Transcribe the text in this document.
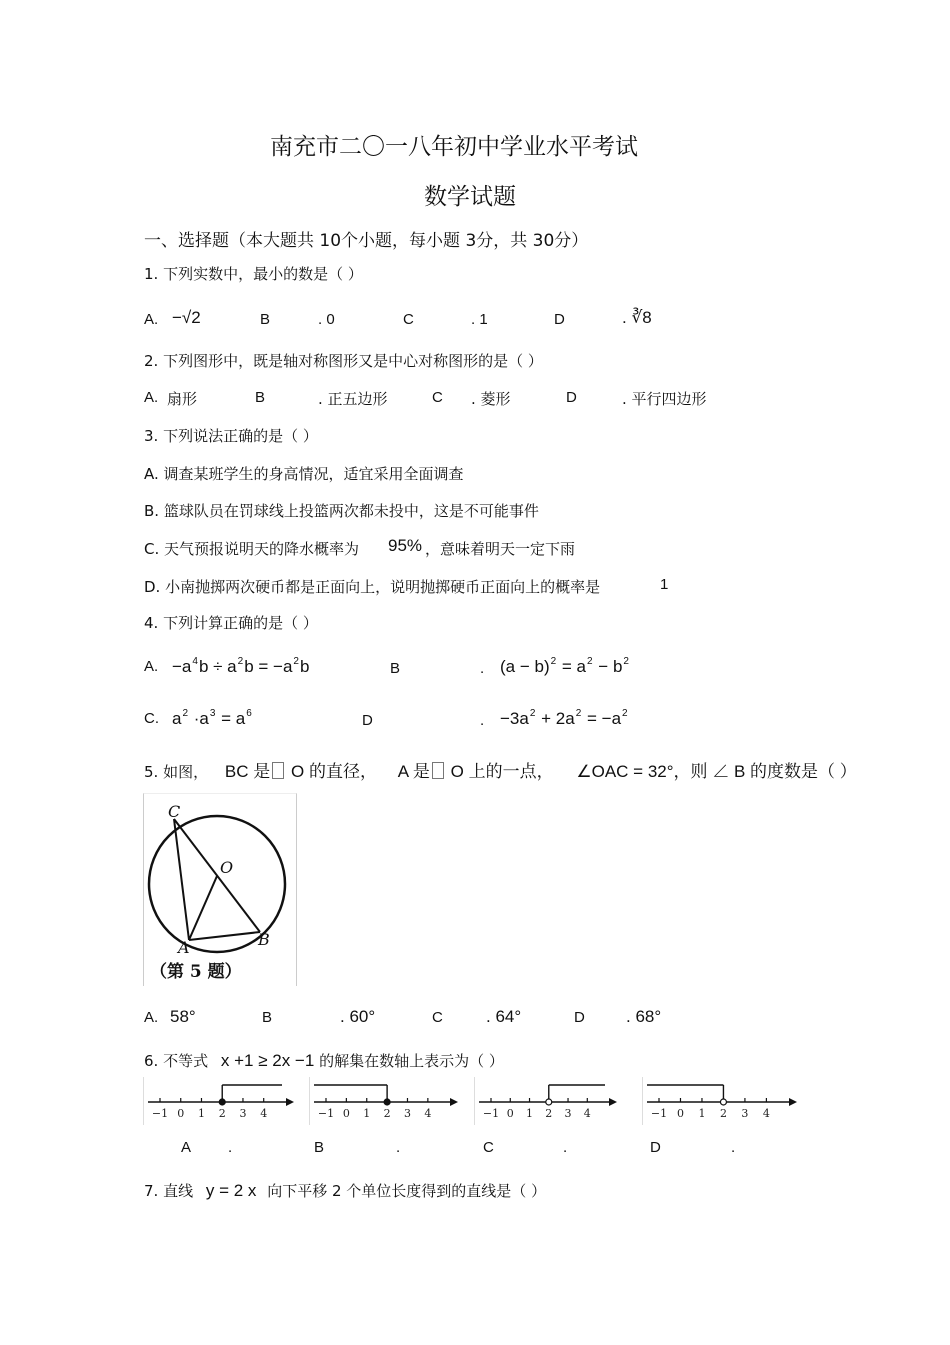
南充市二〇一八年初中学业水平考试
数学试题
一、选择题（本大题共 10个小题，每小题 3分，共 30分）
1. 下列实数中，最小的数是（ ）
A. −√2	B	. 0	C	. 1	D	. ∛8
2. 下列图形中，既是轴对称图形又是中心对称图形的是（ ）
A. 扇形	B	. 正五边形	C . 菱形	D	. 平行四边形
3. 下列说法正确的是（ ）
A. 调查某班学生的身高情况，适宜采用全面调查
B. 篮球队员在罚球线上投篮两次都未投中，这是不可能事件
C. 天气预报说明天的降水概率为 95% ，意味着明天一定下雨
D. 小南抛掷两次硬币都是正面向上，说明抛掷硬币正面向上的概率是	1
4. 下列计算正确的是（ ）
A. $-a^4b \div a^2b = -a^2b$	B	. $(a - b)^2 = a^2 - b^2$
C. $a^2 \cdot a^3 = a^6$	D	. $-3a^2 + 2a^2 = -a^2$
5. 如图， BC 是 O 的直径， A 是 O 上的一点， ∠OAC = 32°，则 ∠ B 的度数是（ ）
C
O
A	B
（第 5 题）
A. 58°	B	. 60°	C	. 64°	D . 68°
6. 不等式 x +1 ≥ 2x −1 的解集在数轴上表示为（ ）
−1 0 1 2 3 4	−1 0 1 2 3 4	−1 0 1 2 3 4	−1 0 1 2 3 4
A .	B	.	C	.	D	.
7. 直线 y = 2 x 向下平移 2 个单位长度得到的直线是（ ）
